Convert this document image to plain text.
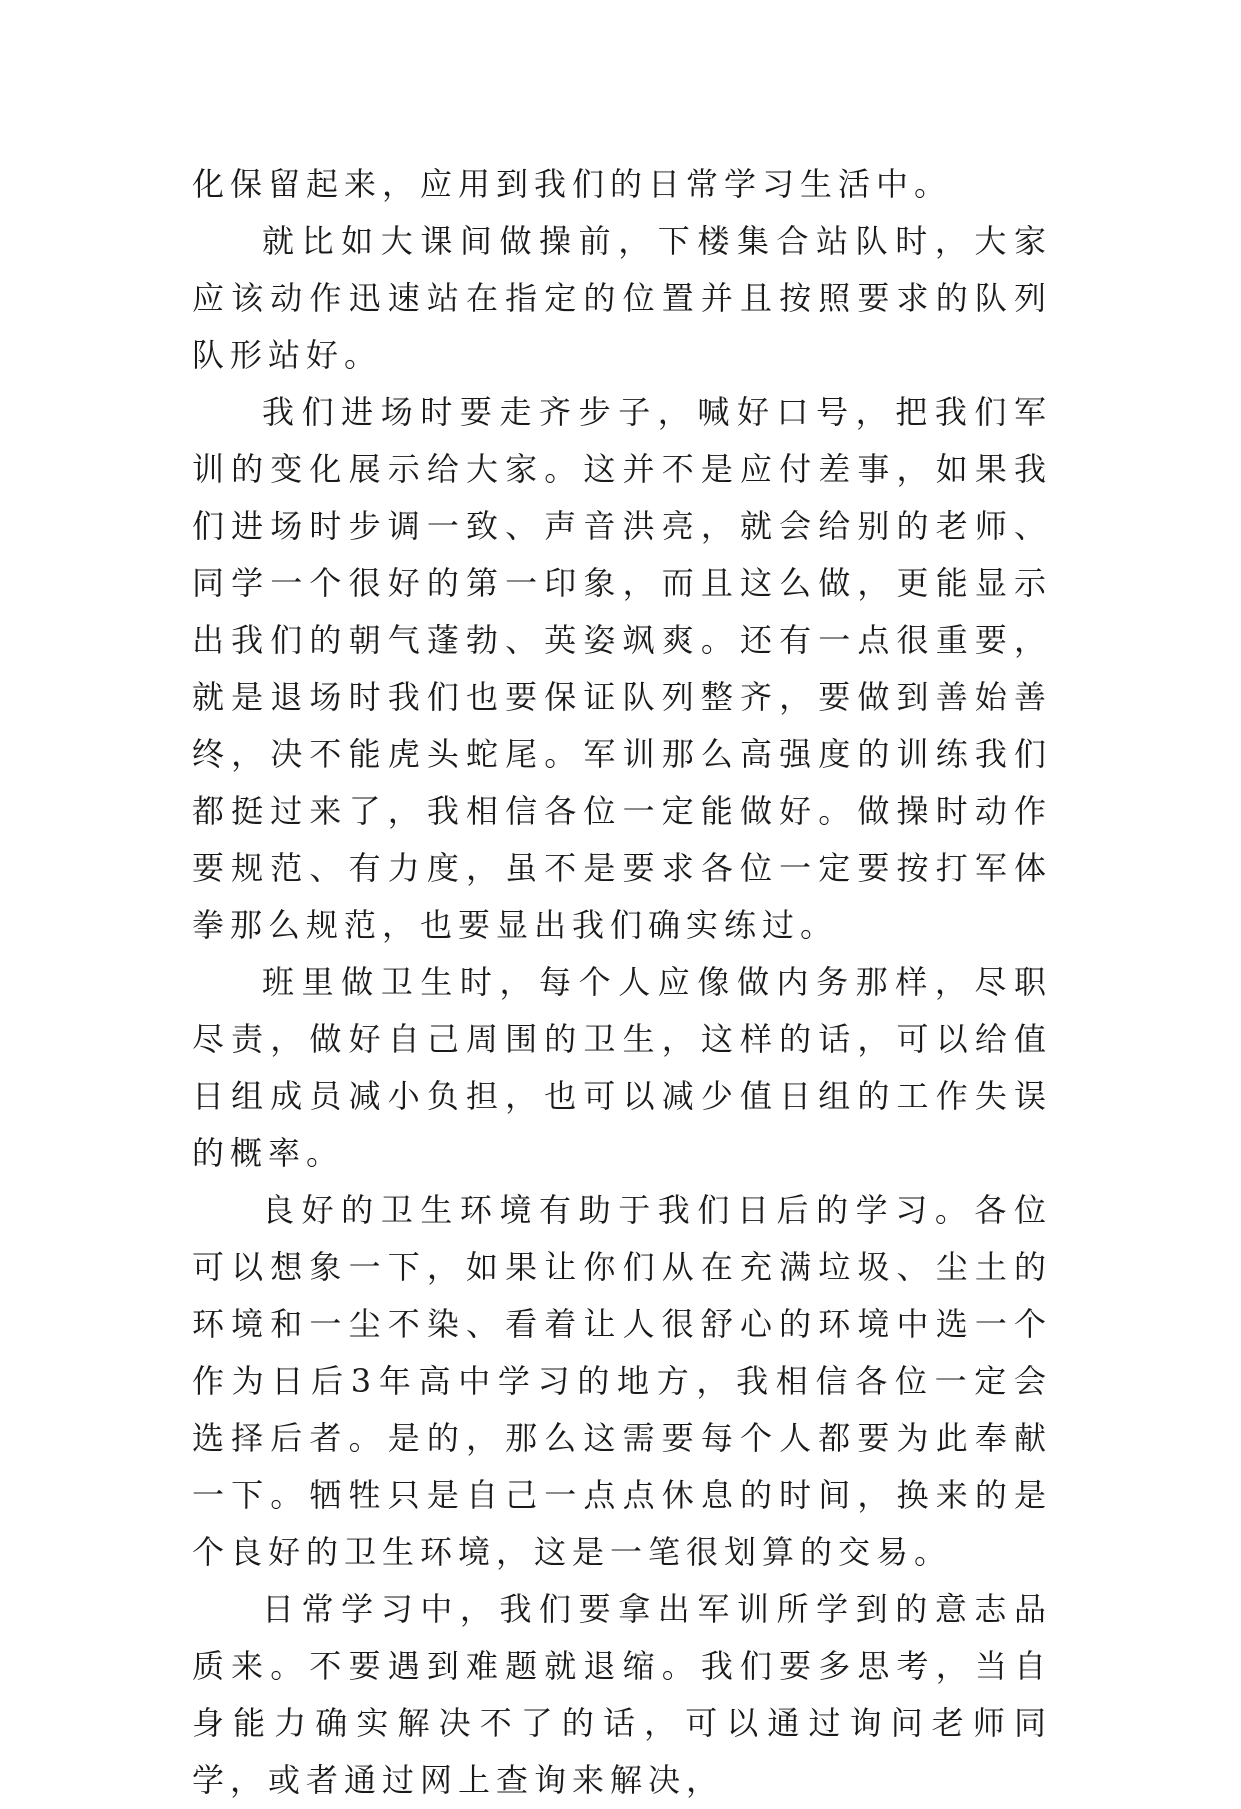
化保留起来，应用到我们的日常学习生活中。

就比如大课间做操前，下楼集合站队时，大家应该动作迅速站在指定的位置并且按照要求的队列队形站好。

我们进场时要走齐步子，喊好口号，把我们军训的变化展示给大家。这并不是应付差事，如果我们进场时步调一致、声音洪亮，就会给别的老师、同学一个很好的第一印象，而且这么做，更能显示出我们的朝气蓬勃、英姿飒爽。还有一点很重要，就是退场时我们也要保证队列整齐，要做到善始善终，决不能虎头蛇尾。军训那么高强度的训练我们都挺过来了，我相信各位一定能做好。做操时动作要规范、有力度，虽不是要求各位一定要按打军体拳那么规范，也要显出我们确实练过。

班里做卫生时，每个人应像做内务那样，尽职尽责，做好自己周围的卫生，这样的话，可以给值日组成员减小负担，也可以减少值日组的工作失误的概率。

良好的卫生环境有助于我们日后的学习。各位可以想象一下，如果让你们从在充满垃圾、尘土的环境和一尘不染、看着让人很舒心的环境中选一个作为日后3年高中学习的地方，我相信各位一定会选择后者。是的，那么这需要每个人都要为此奉献一下。牺牲只是自己一点点休息的时间，换来的是个良好的卫生环境，这是一笔很划算的交易。

日常学习中，我们要拿出军训所学到的意志品质来。不要遇到难题就退缩。我们要多思考，当自身能力确实解决不了的话，可以通过询问老师同学，或者通过网上查询来解决，
